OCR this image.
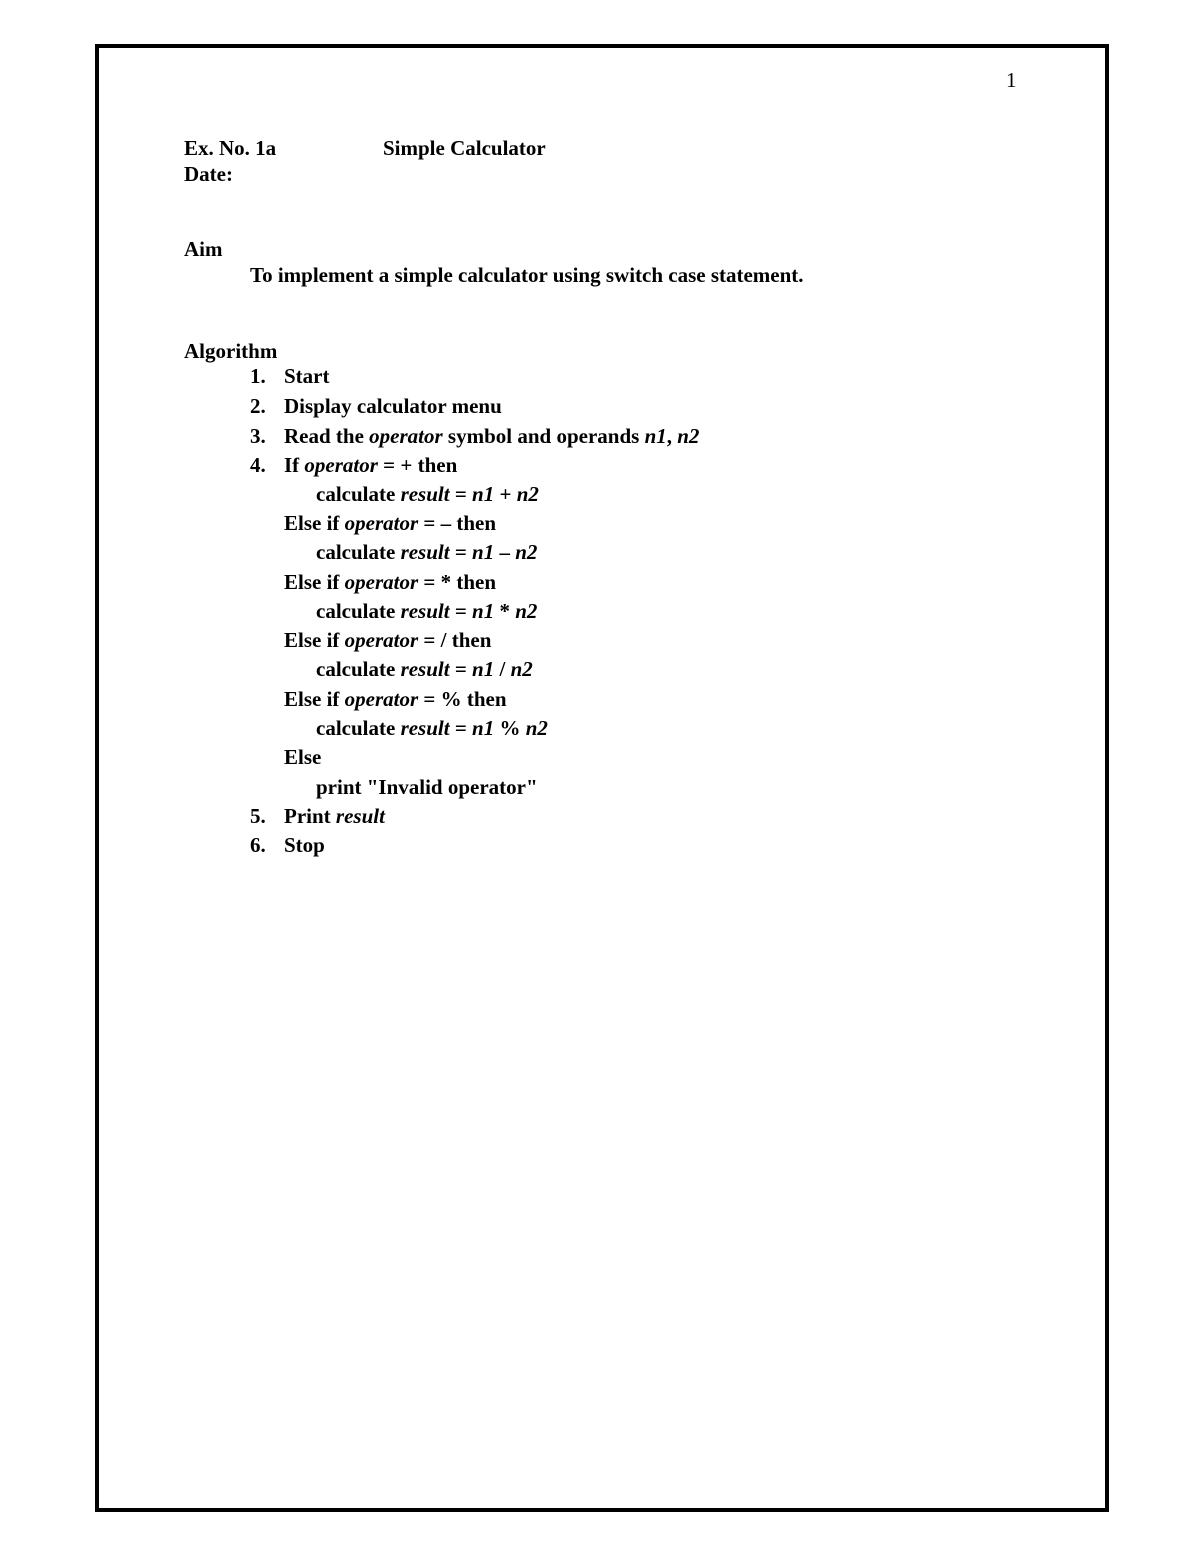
1
Ex. No. 1a	Simple Calculator
Date:
Aim
To implement a simple calculator using switch case statement.
Algorithm
1. Start
2. Display calculator menu
3. Read the operator symbol and operands n1, n2
4. If operator = + then
calculate result = n1 + n2
Else if operator = – then
calculate result = n1 – n2
Else if operator = * then
calculate result = n1 * n2
Else if operator = / then
calculate result = n1 / n2
Else if operator = % then
calculate result = n1 % n2
Else
print "Invalid operator"
5. Print result
6. Stop
